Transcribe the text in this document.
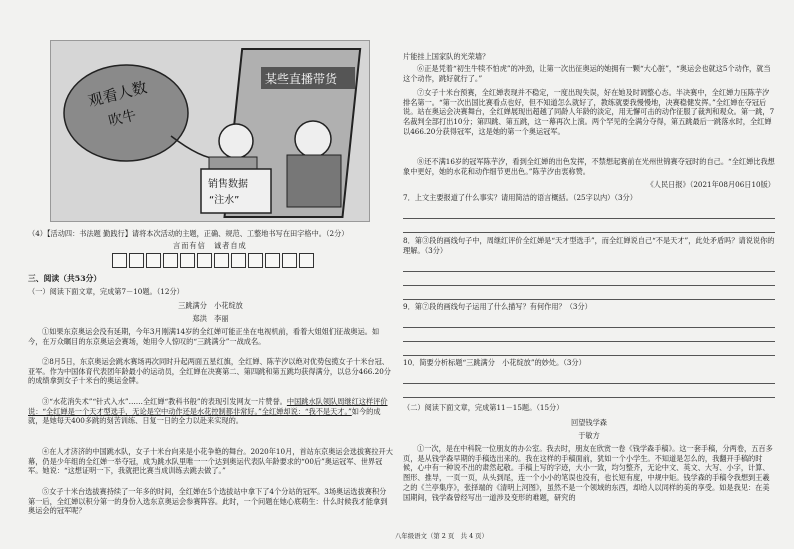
观看人数
吹牛
某些直播带货
销售数据
“注水”

（4）【活动四：书法题 勤践行】请将本次活动的主题，正确、规范、工整地书写在田字格中。（2分）

言而有信　诚者自成

三、阅读（共53分）

（一）阅读下面文章，完成第7－10题。（12分）

三跳满分　小花绽放

郑洪　李丽

①如果东京奥运会没有延期，今年3月刚满14岁的全红婵可能正坐在电视机前，看着大姐姐们征战奥运。如今，在万众瞩目的东京奥运会赛场，她用令人惊叹的“三跳满分”一战成名。

②8月5日，东京奥运会跳水赛场再次同时升起两面五星红旗，全红婵、陈芋汐以绝对优势包揽女子十米台冠、亚军。作为中国体育代表团年龄最小的运动员，全红婵在决赛第二、第四跳和第五跳均获得满分，以总分466.20分的成绩拿到女子十米台的奥运金牌。

③“水花消失术”“针式入水”……全红婵“教科书般”的表现引发网友一片赞誉。中国跳水队领队周继红这样评价说：“全红婵是一个天才型选手，无论是空中动作还是水花控制都非常好。”全红婵却说：“我不是天才。”如今的成就，是她每天400多跳的刻苦训练、日复一日的全力以赴来实现的。

④在人才济济的中国跳水队，女子十米台向来是小花争艳的舞台。2020年10月，首站东京奥运会选拔赛拉开大幕，仍是少年组的全红婵一举夺冠，成为跳水队里唯一一个达到奥运代表队年龄要求的“00后”奥运冠军、世界冠军。她说：“这想证明一下，我就把比赛当成训练去跳去做了。”

⑤女子十米台选拔赛持续了一年多的时间，全红婵在5个选拔站中拿下了4个分站的冠军。3场奥运选拔赛积分第一后，全红婵以积分第一的身份入选东京奥运会参赛阵容。此时，一个问题在她心底萌生：什么时候我才能拿到奥运会的冠军呢？

片能挂上国家队的光荣墙？

⑥正是凭着“初生牛犊不怕虎”的冲劲，让第一次出征奥运的她拥有一颗“大心脏”，“奥运会也就这5个动作，就当这个动作，跳好就行了。”

⑦女子十米台预赛，全红婵表现并不稳定，一度出现失误，好在她及时调整心态。半决赛中，全红婵力压陈芋汐排名第一。“第一次出国比赛看点也好，但不知道怎么就好了，教练就要我慢慢地，决赛稳健发挥。”全红婵在夺冠后说。站在奥运会决赛舞台，全红婵展现出超越了同龄人年龄的淡定，用无懈可击的动作征服了裁判和观众。第一跳，7名裁判全部打出10分；第四跳、第五跳，这一幕再次上演。两个罕见的全满分夺得，第五跳最后一跳落水时，全红婵以466.20分获得冠军，这是她的第一个奥运冠军。

⑧还不满16岁的冠军陈芋汐，看到全红婵的出色发挥，不禁想起赛前在光州世锦赛夺冠时的自己。“全红婵比我想象中更好，她的水花和动作细节更出色。”陈芋汐由衷称赞。

《人民日报》（2021年08月06日10版）

7．上文主要报道了什么事实？请用简洁的语言概括。（25字以内）（3分）

8．第③段的画线句子中，周继红评价全红婵是“天才型选手”，而全红婵说自己“不是天才”，此处矛盾吗？请说说你的理解。（3分）

9．第⑦段的画线句子运用了什么描写？有何作用？（3分）

10．简要分析标题“三跳满分　小花绽放”的妙处。（3分）

（二）阅读下面文章，完成第11－15题。（15分）

回望钱学森

于敏方

①一次，是在中科院一位朋友的办公室。我去时，朋友在欣赏一卷《钱学森手稿》。这一套手稿，分两卷，五百多页，是从钱学森早期的手稿选出来的。我在这样的手稿面前，犹如一个小学生。不知道是怎么的，我翻开手稿的时候，心中有一种说不出的肃然起敬。手稿上写的字迹，大小一致，均匀整齐，无论中文、英文、大写、小字，计算、图形、推导，一页一页，从头到尾，连一个小小的笔误也没有，也长短有度，中规中矩。钱学森的手稿令我想到王羲之的《兰亭集序》，张择端的《清明上河图》，虽然不是一个领域的东西，却给人以同样的美的享受。如是我见：在美国期间，钱学森曾经写出一道涉及变形的难题，研究的

八年级语文（第 2 页　共 4 页）
